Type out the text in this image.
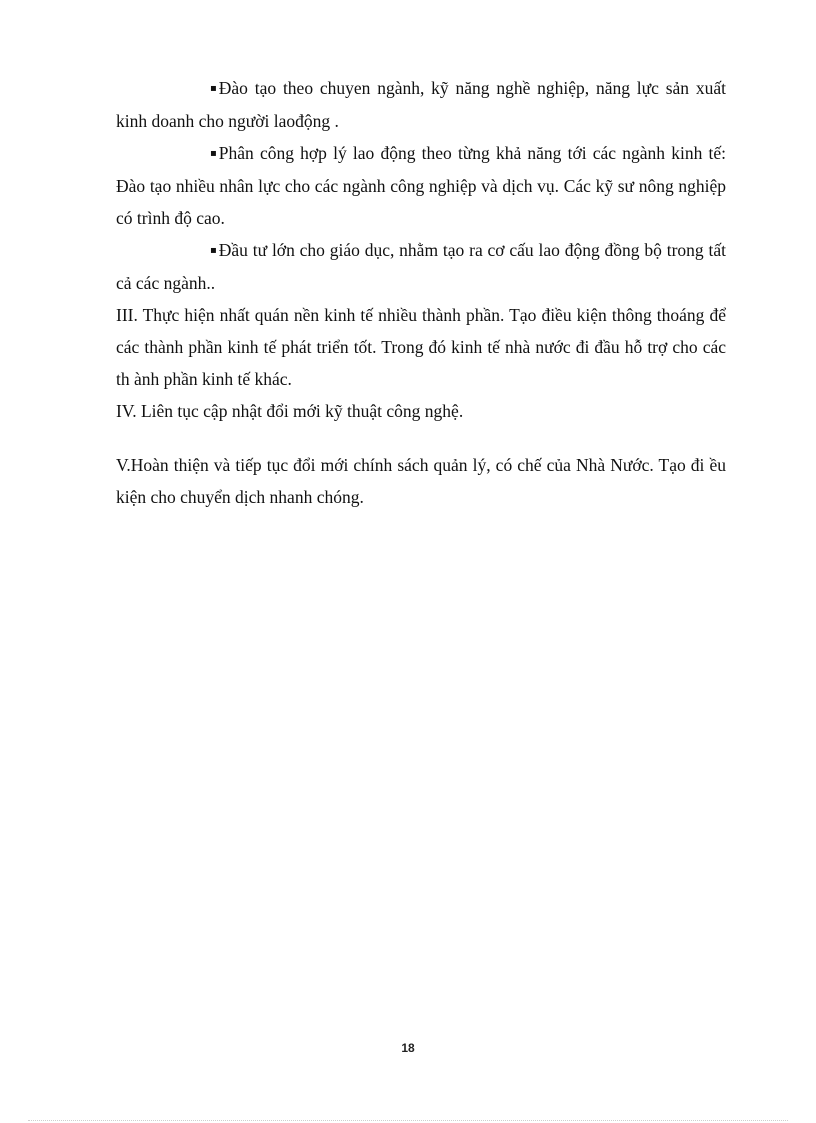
▪ Đào tạo theo chuyen ngành, kỹ năng nghề nghiệp, năng lực sản xuất kinh doanh cho người laođộng .

▪ Phân công hợp lý lao động theo từng khả năng tới các ngành kinh tế: Đào tạo nhiều nhân lực cho các ngành công nghiệp và dịch vụ. Các kỹ sư nông nghiệp có trình độ cao.

▪ Đầu tư lớn cho giáo dục, nhằm tạo ra cơ cấu lao động đồng bộ trong tất cả các ngành..

III. Thực hiện nhất quán nền kinh tế nhiều thành phần. Tạo điều kiện thông thoáng để các thành phần kinh tế phát triển tốt. Trong đó kinh tế nhà nước đi đầu hỗ trợ cho các th ành phần kinh tế khác.

IV. Liên tục cập nhật đổi mới kỹ thuật công nghệ.

V.Hoàn thiện và tiếp tục đổi mới chính sách quản lý, có chế của Nhà Nước. Tạo đi ều kiện cho chuyển dịch nhanh chóng.

18
